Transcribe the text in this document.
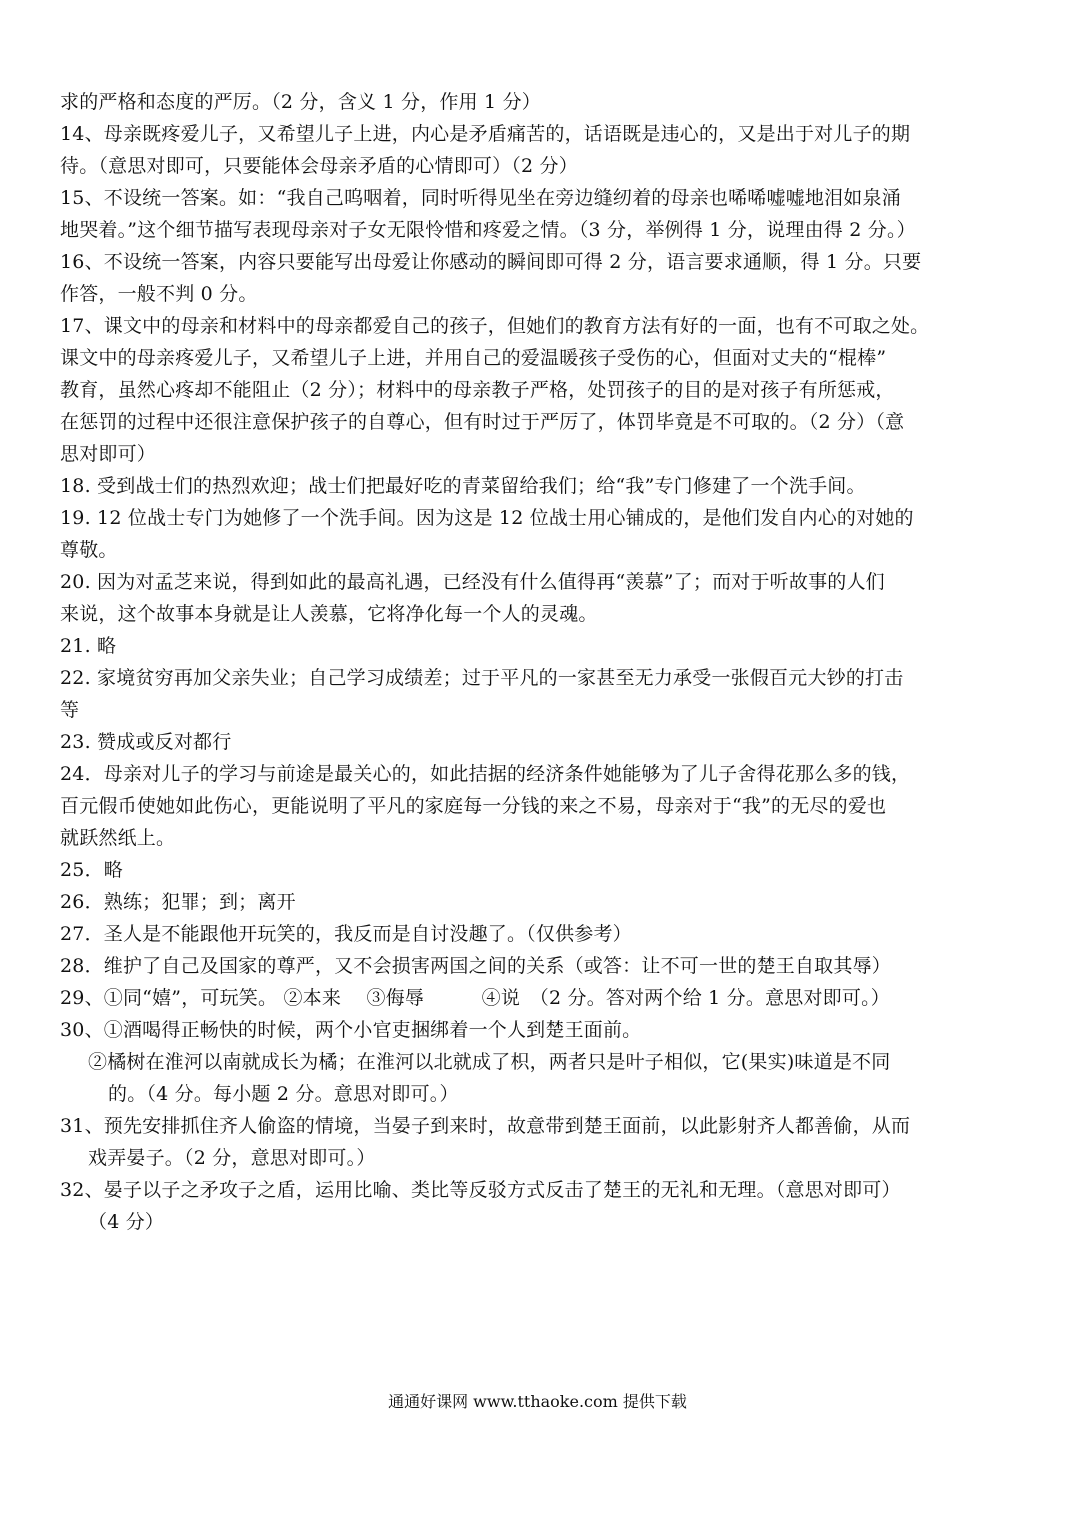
求的严格和态度的严厉。（2 分，含义 1 分，作用 1 分）
14、母亲既疼爱儿子，又希望儿子上进，内心是矛盾痛苦的，话语既是违心的，又是出于对儿子的期
待。（意思对即可，只要能体会母亲矛盾的心情即可）（2 分）
15、不设统一答案。如：“我自己呜咽着，同时听得见坐在旁边缝纫着的母亲也唏唏嘘嘘地泪如泉涌
地哭着。”这个细节描写表现母亲对子女无限怜惜和疼爱之情。（3 分，举例得 1 分，说理由得 2 分。）
16、不设统一答案，内容只要能写出母爱让你感动的瞬间即可得 2 分，语言要求通顺，得 1 分。只要
作答，一般不判 0 分。
17、课文中的母亲和材料中的母亲都爱自己的孩子，但她们的教育方法有好的一面，也有不可取之处。
课文中的母亲疼爱儿子，又希望儿子上进，并用自己的爱温暖孩子受伤的心，但面对丈夫的“棍棒”
教育，虽然心疼却不能阻止（2 分）；材料中的母亲教子严格，处罚孩子的目的是对孩子有所惩戒，
在惩罚的过程中还很注意保护孩子的自尊心，但有时过于严厉了，体罚毕竟是不可取的。（2 分）（意
思对即可）
18. 受到战士们的热烈欢迎；战士们把最好吃的青菜留给我们；给“我”专门修建了一个洗手间。
19. 12 位战士专门为她修了一个洗手间。因为这是 12 位战士用心铺成的，是他们发自内心的对她的
尊敬。
20. 因为对孟芝来说，得到如此的最高礼遇，已经没有什么值得再“羡慕”了；而对于听故事的人们
来说，这个故事本身就是让人羡慕，它将净化每一个人的灵魂。
21. 略
22. 家境贫穷再加父亲失业；自己学习成绩差；过于平凡的一家甚至无力承受一张假百元大钞的打击
等
23. 赞成或反对都行
24．母亲对儿子的学习与前途是最关心的，如此拮据的经济条件她能够为了儿子舍得花那么多的钱，
百元假币使她如此伤心，更能说明了平凡的家庭每一分钱的来之不易，母亲对于“我”的无尽的爱也
就跃然纸上。
25．略
26．熟练；犯罪；到；离开
27．圣人是不能跟他开玩笑的，我反而是自讨没趣了。（仅供参考）
28．维护了自己及国家的尊严，又不会损害两国之间的关系（或答：让不可一世的楚王自取其辱）
29、①同“嬉”，可玩笑。 ②本来　 ③侮辱　　　④说　（2 分。答对两个给 1 分。意思对即可。）
30、①酒喝得正畅快的时候，两个小官吏捆绑着一个人到楚王面前。
②橘树在淮河以南就成长为橘；在淮河以北就成了枳，两者只是叶子相似，它(果实)味道是不同
的。（4 分。每小题 2 分。意思对即可。）
31、预先安排抓住齐人偷盗的情境，当晏子到来时，故意带到楚王面前，以此影射齐人都善偷，从而
戏弄晏子。（2 分，意思对即可。）
32、晏子以子之矛攻子之盾，运用比喻、类比等反驳方式反击了楚王的无礼和无理。（意思对即可）
（4 分）
通通好课网 www.tthaoke.com 提供下载
